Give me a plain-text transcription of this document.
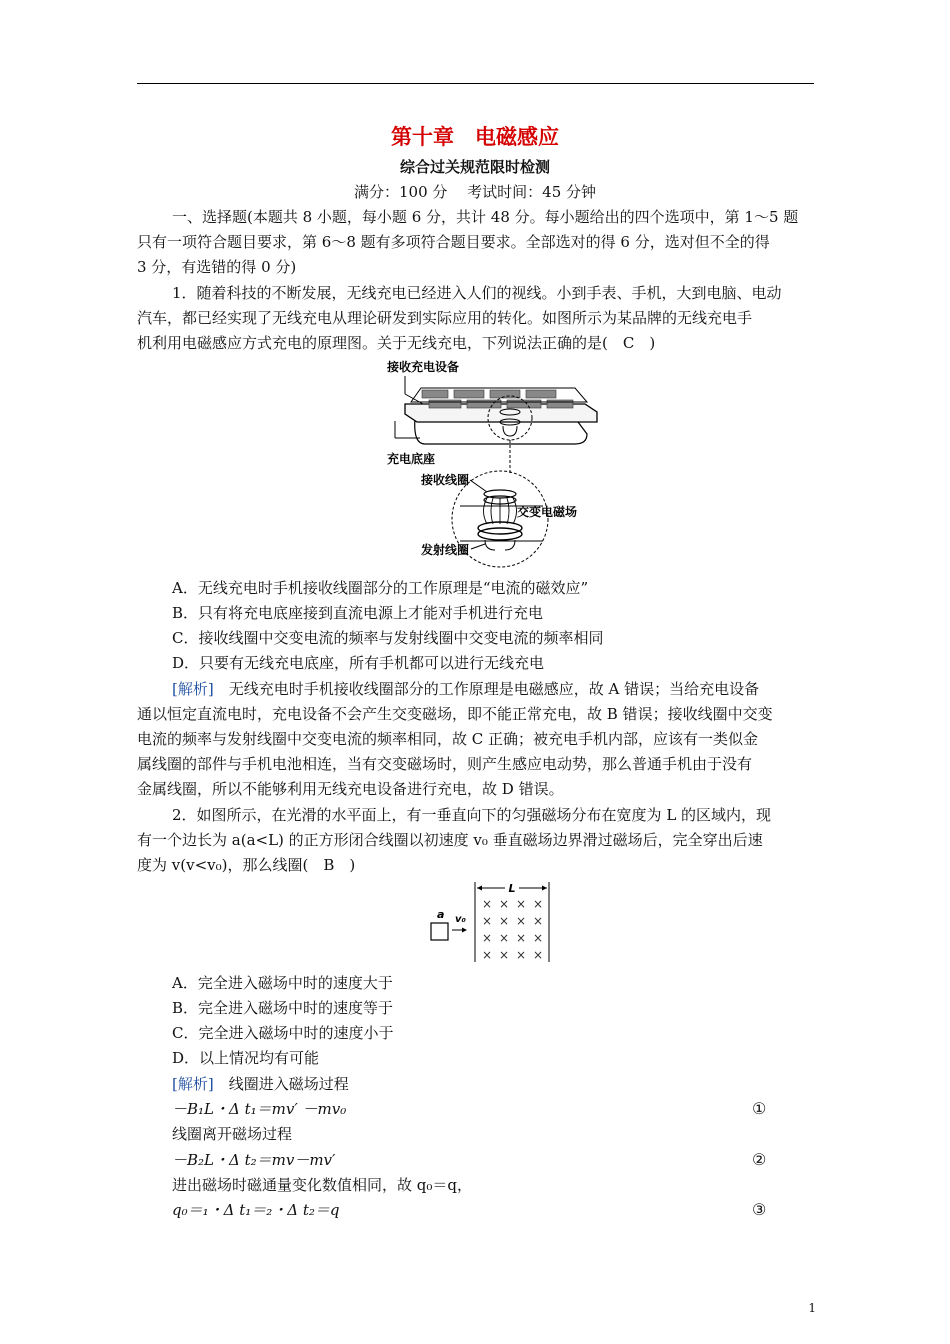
第十章　电磁感应
综合过关规范限时检测
满分：100 分　 考试时间：45 分钟
一、选择题(本题共 8 小题，每小题 6 分，共计 48 分。每小题给出的四个选项中，第 1～5 题
只有一项符合题目要求，第 6～8 题有多项符合题目要求。全部选对的得 6 分，选对但不全的得
3 分，有选错的得 0 分)
1．随着科技的不断发展，无线充电已经进入人们的视线。小到手表、手机，大到电脑、电动
汽车，都已经实现了无线充电从理论研发到实际应用的转化。如图所示为某品牌的无线充电手
机利用电磁感应方式充电的原理图。关于无线充电，下列说法正确的是(　C　)
接收充电设备
充电底座
接收线圈
交变电磁场
发射线圈
A．无线充电时手机接收线圈部分的工作原理是“电流的磁效应”
B．只有将充电底座接到直流电源上才能对手机进行充电
C．接收线圈中交变电流的频率与发射线圈中交变电流的频率相同
D．只要有无线充电底座，所有手机都可以进行无线充电
[解析]　无线充电时手机接收线圈部分的工作原理是电磁感应，故 A 错误；当给充电设备
通以恒定直流电时，充电设备不会产生交变磁场，即不能正常充电，故 B 错误；接收线圈中交变
电流的频率与发射线圈中交变电流的频率相同，故 C 正确；被充电手机内部，应该有一类似金
属线圈的部件与手机电池相连，当有交变磁场时，则产生感应电动势，那么普通手机由于没有
金属线圈，所以不能够利用无线充电设备进行充电，故 D 错误。
2．如图所示，在光滑的水平面上，有一垂直向下的匀强磁场分布在宽度为 L 的区域内，现
有一个边长为 a(a<L) 的正方形闭合线圈以初速度 v₀ 垂直磁场边界滑过磁场后，完全穿出后速
度为 v(v<v₀)，那么线圈(　B　)
L
a v₀
× × × ×
× × × ×
× × × ×
× × × ×
A．完全进入磁场中时的速度大于
B．完全进入磁场中时的速度等于
C．完全进入磁场中时的速度小于
D．以上情况均有可能
[解析]　线圈进入磁场过程
－B₁L・Δ t₁＝mv′ －mv₀	①
线圈离开磁场过程
－B₂L・Δ t₂＝mv－mv′	②
进出磁场时磁通量变化数值相同，故 q₀＝q，
q₀＝₁・Δ t₁＝₂・Δ t₂＝q	③
1
